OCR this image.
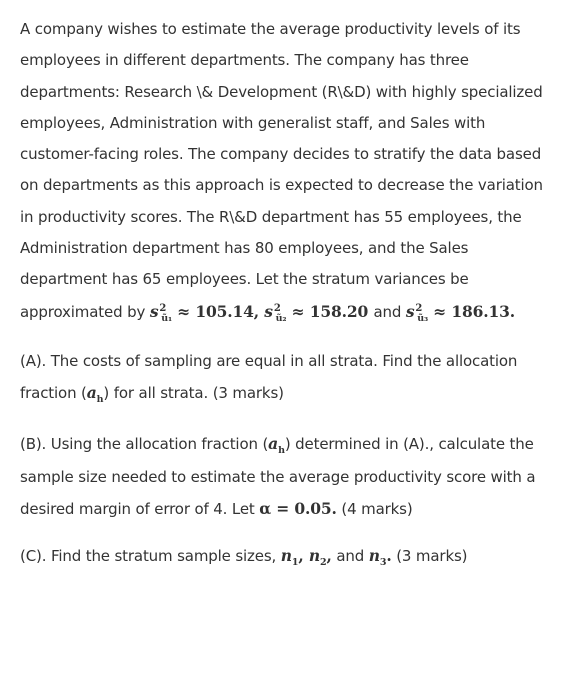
A company wishes to estimate the average productivity levels of its employees in different departments. The company has three departments: Research \& Development (R\&D) with highly specialized employees, Administration with generalist staff, and Sales with customer-facing roles. The company decides to stratify the data based on departments as this approach is expected to decrease the variation in productivity scores. The R\&D department has 55 employees, the Administration department has 80 employees, and the Sales department has 65 employees. Let the stratum variances be approximated by $s^2_{ũ_1} \approx 105.14$, $s^2_{ũ_2} \approx 158.20$ and $s^2_{ũ_3} \approx 186.13$.

(A). The costs of sampling are equal in all strata. Find the allocation fraction $(a_h)$ for all strata. (3 marks)

(B). Using the allocation fraction $(a_h)$ determined in (A)., calculate the sample size needed to estimate the average productivity score with a desired margin of error of 4. Let α = 0.05. (4 marks)

(C). Find the stratum sample sizes, $n_1$, $n_2$, and $n_3$. (3 marks)
